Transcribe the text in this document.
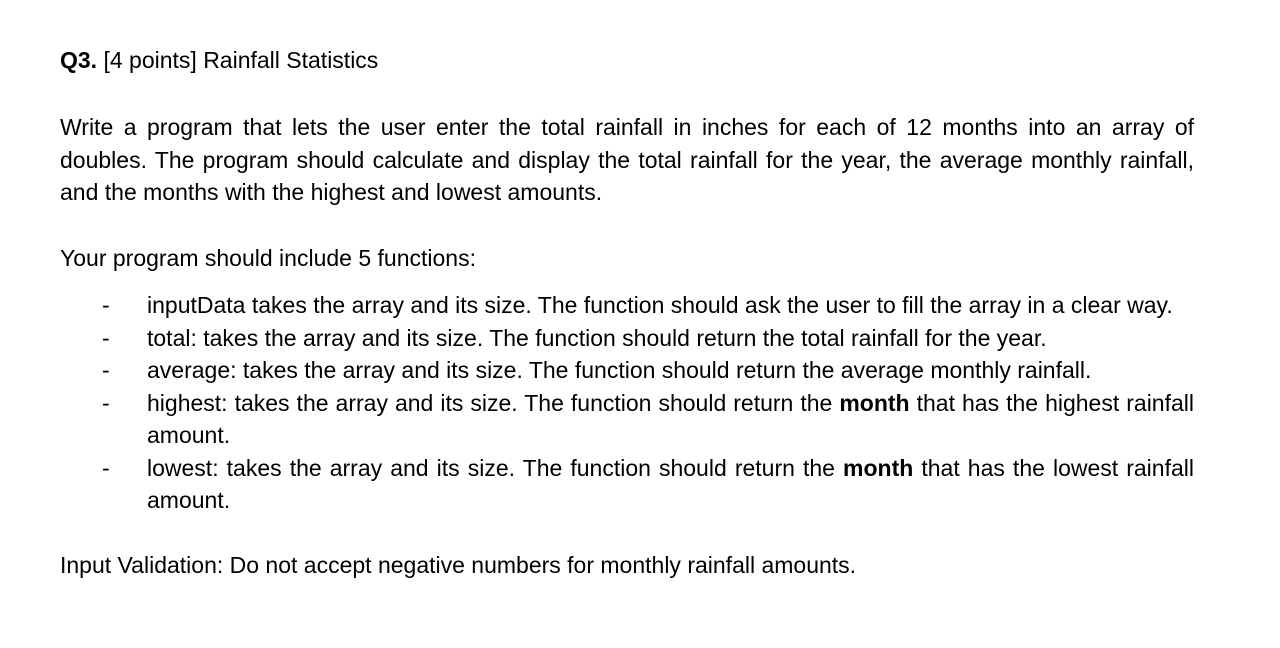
Q3. [4 points] Rainfall Statistics

Write a program that lets the user enter the total rainfall in inches for each of 12 months into an array of doubles. The program should calculate and display the total rainfall for the year, the average monthly rainfall, and the months with the highest and lowest amounts.

Your program should include 5 functions:

- inputData takes the array and its size. The function should ask the user to fill the array in a clear way.
- total: takes the array and its size. The function should return the total rainfall for the year.
- average: takes the array and its size. The function should return the average monthly rainfall.
- highest: takes the array and its size. The function should return the month that has the highest rainfall amount.
- lowest: takes the array and its size. The function should return the month that has the lowest rainfall amount.

Input Validation: Do not accept negative numbers for monthly rainfall amounts.
